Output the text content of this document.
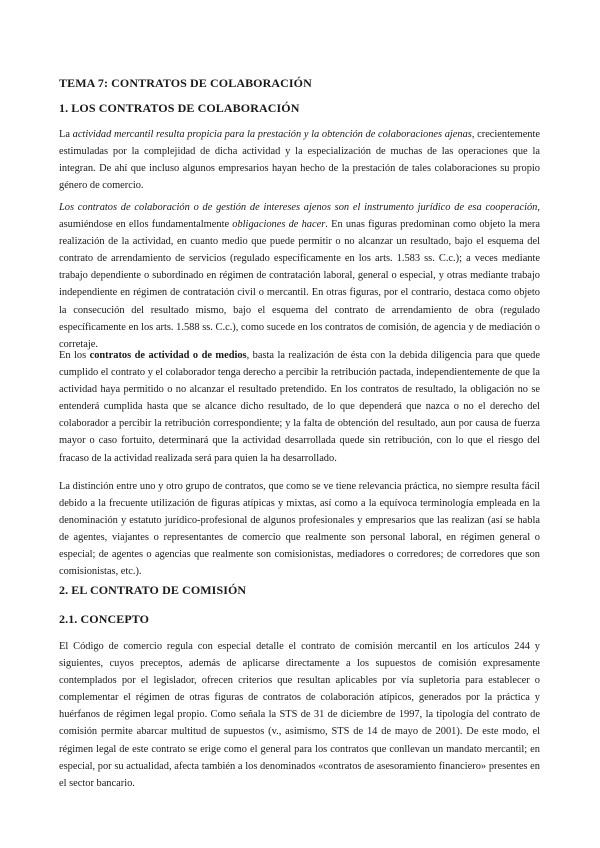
TEMA 7: CONTRATOS DE COLABORACIÓN
1. LOS CONTRATOS DE COLABORACIÓN

La actividad mercantil resulta propicia para la prestación y la obtención de colaboraciones ajenas, crecientemente estimuladas por la complejidad de dicha actividad y la especialización de muchas de las operaciones que la integran. De ahí que incluso algunos empresarios hayan hecho de la prestación de tales colaboraciones su propio género de comercio.

Los contratos de colaboración o de gestión de intereses ajenos son el instrumento jurídico de esa cooperación, asumiéndose en ellos fundamentalmente obligaciones de hacer. En unas figuras predominan como objeto la mera realización de la actividad, en cuanto medio que puede permitir o no alcanzar un resultado, bajo el esquema del contrato de arrendamiento de servicios (regulado específicamente en los arts. 1.583 ss. C.c.); a veces mediante trabajo dependiente o subordinado en régimen de contratación laboral, general o especial, y otras mediante trabajo independiente en régimen de contratación civil o mercantil. En otras figuras, por el contrario, destaca como objeto la consecución del resultado mismo, bajo el esquema del contrato de arrendamiento de obra (regulado específicamente en los arts. 1.588 ss. C.c.), como sucede en los contratos de comisión, de agencia y de mediación o corretaje.

En los contratos de actividad o de medios, basta la realización de ésta con la debida diligencia para que quede cumplido el contrato y el colaborador tenga derecho a percibir la retribución pactada, independientemente de que la actividad haya permitido o no alcanzar el resultado pretendido. En los contratos de resultado, la obligación no se entenderá cumplida hasta que se alcance dicho resultado, de lo que dependerá que nazca o no el derecho del colaborador a percibir la retribución correspondiente; y la falta de obtención del resultado, aun por causa de fuerza mayor o caso fortuito, determinará que la actividad desarrollada quede sin retribución, con lo que el riesgo del fracaso de la actividad realizada será para quien la ha desarrollado.

La distinción entre uno y otro grupo de contratos, que como se ve tiene relevancia práctica, no siempre resulta fácil debido a la frecuente utilización de figuras atípicas y mixtas, así como a la equívoca terminología empleada en la denominación y estatuto jurídico-profesional de algunos profesionales y empresarios que las realizan (así se habla de agentes, viajantes o representantes de comercio que realmente son personal laboral, en régimen general o especial; de agentes o agencias que realmente son comisionistas, mediadores o corredores; de corredores que son comisionistas, etc.).

2. EL CONTRATO DE COMISIÓN
2.1. CONCEPTO

El Código de comercio regula con especial detalle el contrato de comisión mercantil en los artículos 244 y siguientes, cuyos preceptos, además de aplicarse directamente a los supuestos de comisión expresamente contemplados por el legislador, ofrecen criterios que resultan aplicables por vía supletoria para establecer o complementar el régimen de otras figuras de contratos de colaboración atípicos, generados por la práctica y huérfanos de régimen legal propio. Como señala la STS de 31 de diciembre de 1997, la tipología del contrato de comisión permite abarcar multitud de supuestos (v., asimismo, STS de 14 de mayo de 2001). De este modo, el régimen legal de este contrato se erige como el general para los contratos que conllevan un mandato mercantil; en especial, por su actualidad, afecta también a los denominados «contratos de asesoramiento financiero» presentes en el sector bancario.
